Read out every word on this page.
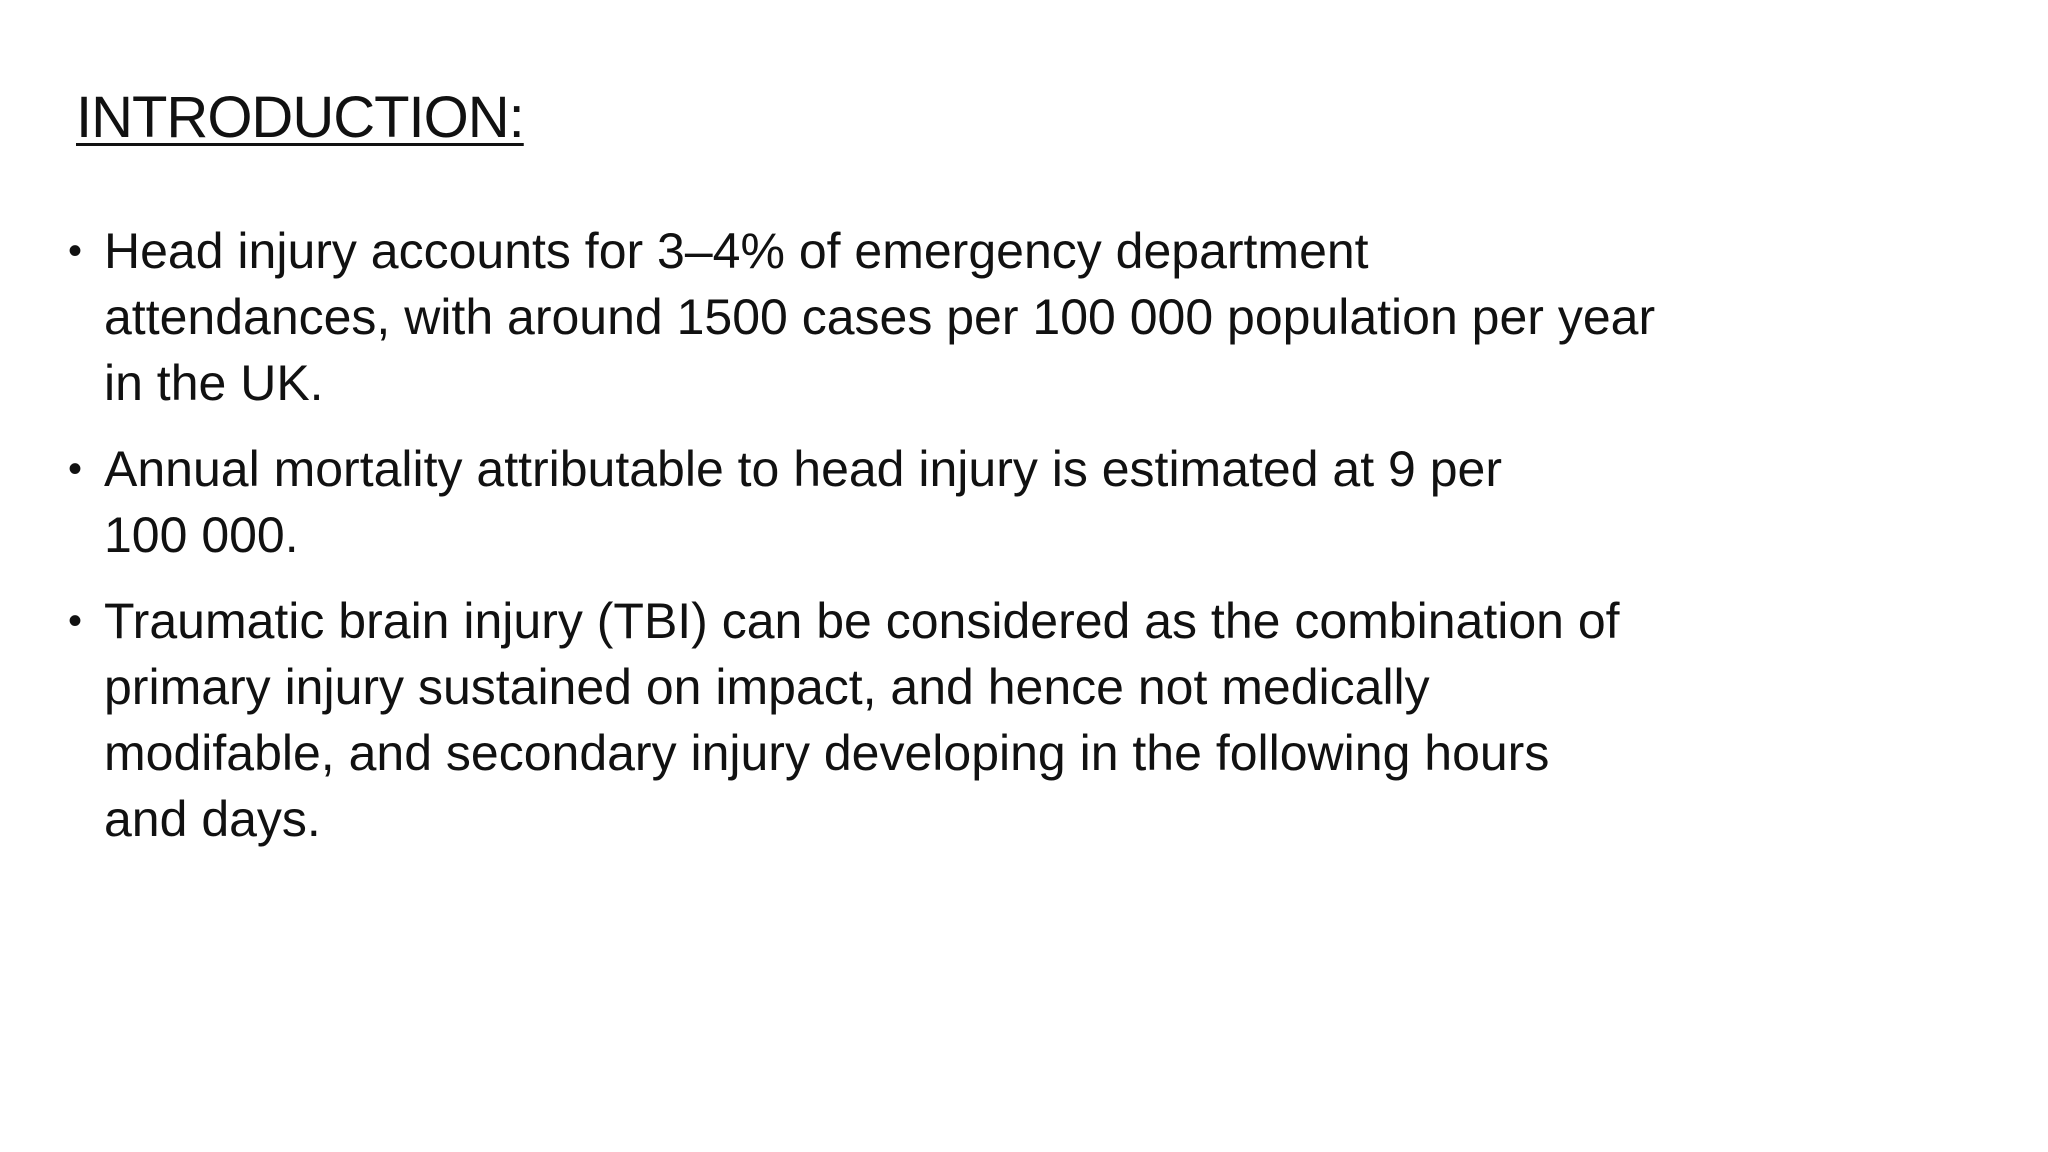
INTRODUCTION:
• Head injury accounts for 3–4% of emergency department
attendances, with around 1500 cases per 100 000 population per year
in the UK.
• Annual mortality attributable to head injury is estimated at 9 per
100 000.
• Traumatic brain injury (TBI) can be considered as the combination of
primary injury sustained on impact, and hence not medically
modifable, and secondary injury developing in the following hours
and days.
